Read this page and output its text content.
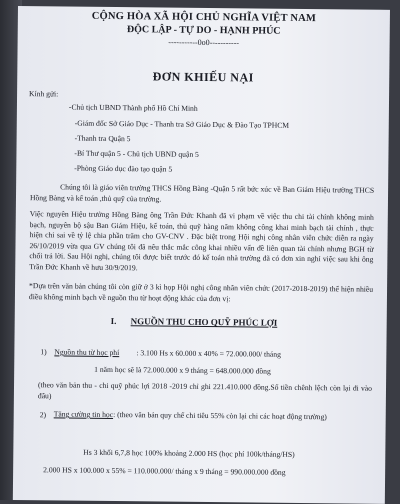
CỘNG HÒA XÃ HỘI CHỦ NGHĨA VIỆT NAM
ĐỘC LẬP - TỰ DO - HẠNH PHÚC
-----------0o0-----------
ĐƠN KHIẾU NẠI
Kính gửi:
-Chủ tịch UBND Thành phố Hồ Chí Minh
-Giám đốc Sở Giáo Dục - Thanh tra Sở Giáo Dục & Đào Tạo TPHCM
-Thanh tra Quận 5
-Bí Thư quận 5 - Chủ tịch UBND quận 5
-Phòng Giáo dục đào tạo quận 5
Chúng tôi là giáo viên trường THCS Hồng Bàng -Quận 5 rất bức xúc về Ban Giám Hiệu trường THCS Hồng Bàng và kế toán ,thủ quỹ của trường.
Việc nguyên Hiệu trưởng Hồng Bàng ông Trần Đức Khanh đã vi phạm về việc thu chi tài chính không minh bạch, nguyên bộ sậu Ban Giám Hiệu, kế toán, thủ quỹ hàng năm không công khai minh bạch tài chính , thực hiện chi sai về tỷ lệ chia phần trăm cho GV-CNV . Đặc biệt trong Hội nghị công nhân viên chức diễn ra ngày 26/10/2019 vừa qua GV chúng tôi đã nêu thắc mắc công khai nhiều vấn đề liên quan tài chính nhưng BGH từ chối trả lời. Sau Hội nghị, chúng tôi được biết trước đó kế toán nhà trường đã có đơn xin nghỉ việc sau khi ông Trần Đức Khanh về hưu 30/9/2019.
*Dựa trên văn bản chúng tôi còn giữ ở 3 kì họp Hội nghị công nhân viên chức (2017-2018-2019) thể hiện nhiều điều không minh bạch về nguồn thu từ hoạt động khác của đơn vị:
I. NGUỒN THU CHO QUỸ PHÚC LỢI
1) Nguồn thu từ học phí : 3.100 Hs x 60.000 x 40% = 72.000.000/ tháng
1 năm học sẽ là 72.000.000 x 9 tháng = 648.000.000 đồng
(theo văn bản thu - chi quỹ phúc lợi 2018 -2019 chỉ ghi 221.410.000 đồng.Số tiền chênh lệch còn lại đi vào đâu)
2) Tăng cường tin học: (theo văn bản quy chế chi tiêu 55% còn lại chi các hoạt động trường)
Hs 3 khối 6,7,8 học 100% khoảng 2.000 HS (học phí 100k/tháng/HS)
2.000 HS x 100.000 x 55% = 110.000.000/ tháng x 9 tháng = 990.000.000 đồng
